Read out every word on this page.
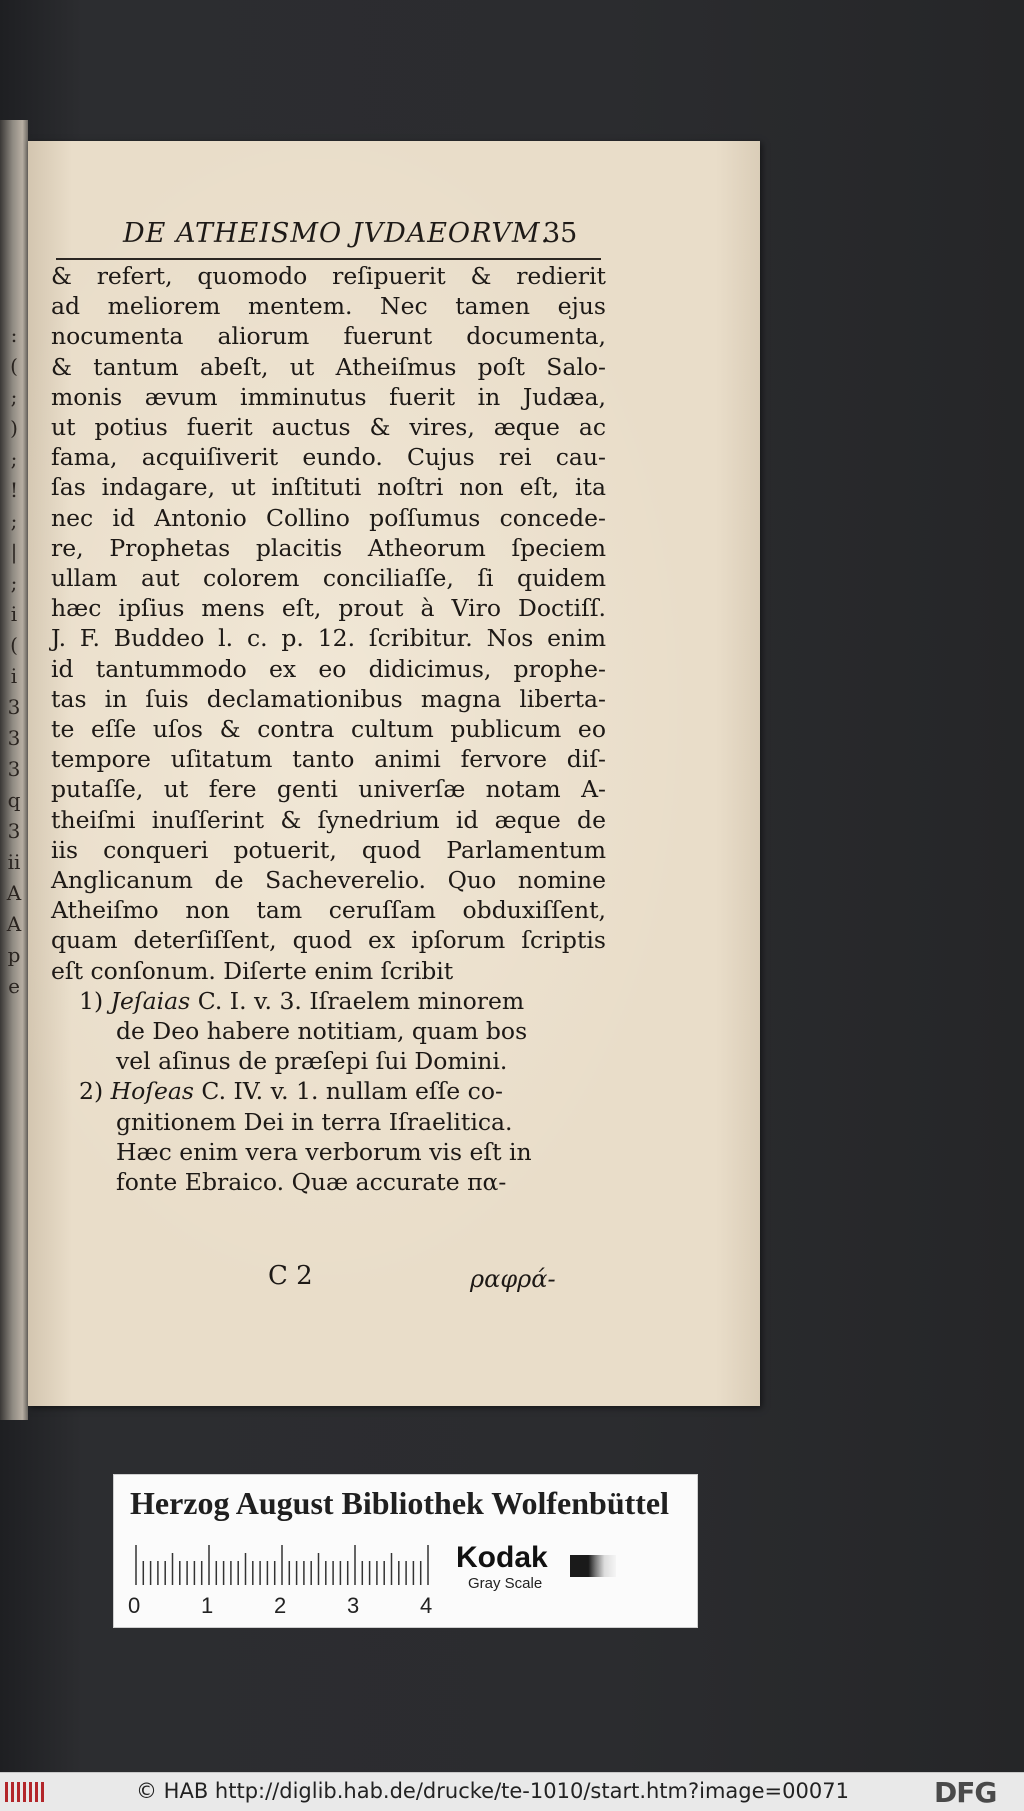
:
(
;
)
;
!
;
|
;
i
(
i
3
3
3
q
3
ii
A
A
p
e
DE ATHEISMO JVDAEORVM.
35
& refert, quomodo reſipuerit & redierit
ad meliorem mentem. Nec tamen ejus
nocumenta aliorum fuerunt documenta,
& tantum abeſt, ut Atheiſmus poſt Salo-
monis ævum imminutus fuerit in Judæa,
ut potius fuerit auctus & vires, æque ac
fama, acquiſiverit eundo. Cujus rei cau-
ſas indagare, ut inſtituti noſtri non eſt, ita
nec id Antonio Collino poſſumus concede-
re, Prophetas placitis Atheorum ſpeciem
ullam aut colorem conciliaſſe, ſi quidem
hæc ipſius mens eſt, prout à Viro Doctiſſ.
J. F. Buddeo l. c. p. 12. ſcribitur. Nos enim
id tantummodo ex eo didicimus, prophe-
tas in ſuis declamationibus magna liberta-
te eſſe uſos & contra cultum publicum eo
tempore uſitatum tanto animi fervore diſ-
putaſſe, ut fere genti univerſæ notam A-
theiſmi inuſſerint & ſynedrium id æque de
iis conqueri potuerit, quod Parlamentum
Anglicanum de Sacheverelio. Quo nomine
Atheiſmo non tam ceruſſam obduxiſſent,
quam deterſiſſent, quod ex ipſorum ſcriptis
eſt conſonum. Diſerte enim ſcribit
1) Jeſaias C. I. v. 3. Iſraelem minorem
de Deo habere notitiam, quam bos
vel aſinus de præſepi ſui Domini.
2) Hoſeas C. IV. v. 1. nullam eſſe co-
gnitionem Dei in terra Iſraelitica.
Hæc enim vera verborum vis eſt in
fonte Ebraico. Quæ accurate πα-
C 2	ραφρά-
Herzog August Bibliothek Wolfenbüttel
0	1	2	3	4
Kodak
Gray Scale
© HAB http://diglib.hab.de/drucke/te-1010/start.htm?image=00071	DFG
